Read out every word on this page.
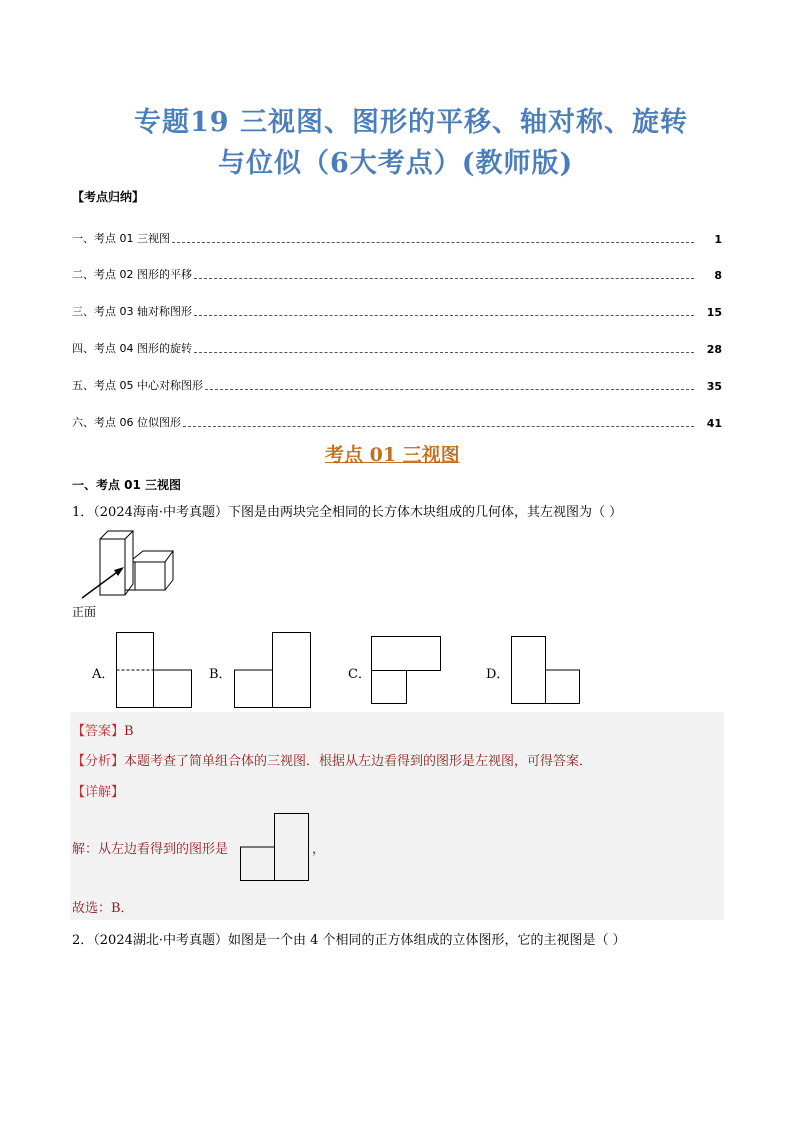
专题19 三视图、图形的平移、轴对称、旋转
与位似（6大考点）(教师版)
【考点归纳】
一、考点 01 三视图	1
二、考点 02 图形的平移	8
三、考点 03 轴对称图形	15
四、考点 04 图形的旋转	28
五、考点 05 中心对称图形	35
六、考点 06 位似图形	41
考点 01 三视图
一、考点 01 三视图
1．（2024海南·中考真题）下图是由两块完全相同的长方体木块组成的几何体，其左视图为（ ）
正面
A．	B．	C．	D．
【答案】B
【分析】本题考查了简单组合体的三视图．根据从左边看得到的图形是左视图，可得答案．
【详解】
解：从左边看得到的图形是	，
故选：B．
2．（2024湖北·中考真题）如图是一个由 4 个相同的正方体组成的立体图形，它的主视图是（ ）
